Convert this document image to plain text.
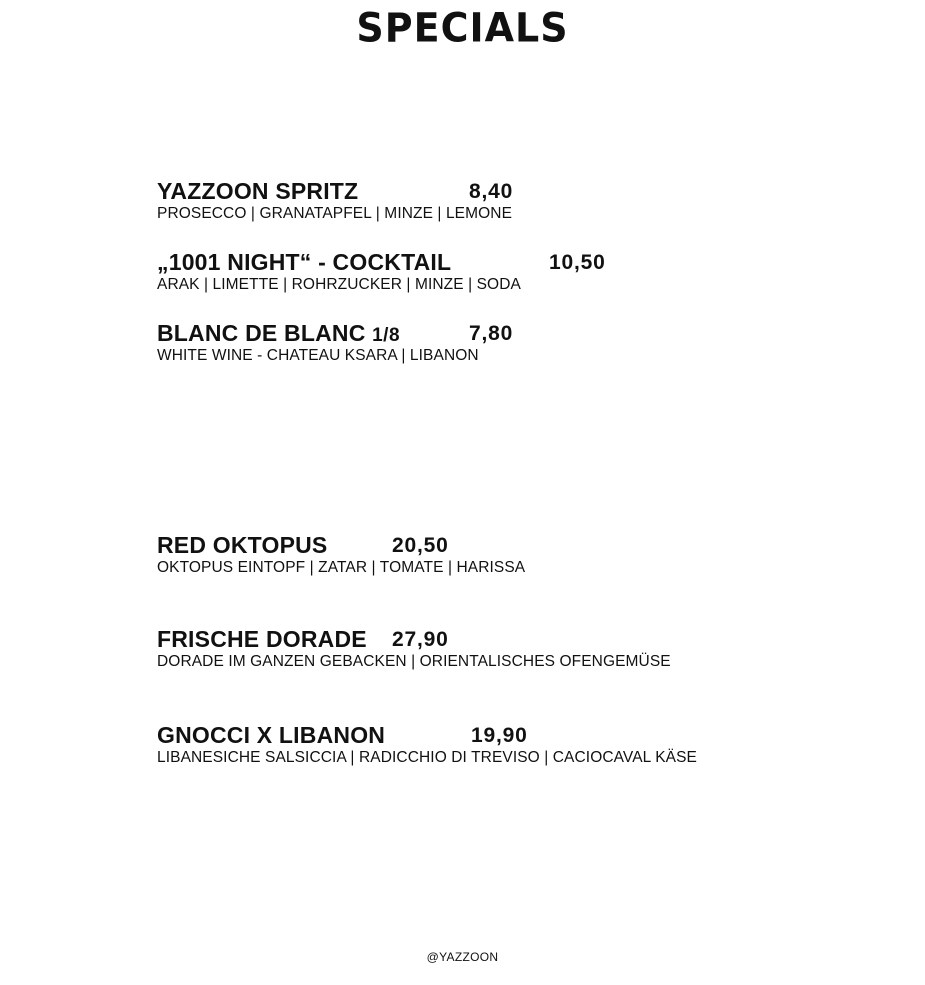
SPECIALS
YAZZOON SPRITZ	8,40
PROSECCO | GRANATAPFEL | MINZE | LEMONE
„1001 NIGHT“ - COCKTAIL	10,50
ARAK | LIMETTE | ROHRZUCKER | MINZE | SODA
BLANC DE BLANC 1/8	7,80
WHITE WINE - CHATEAU KSARA | LIBANON
RED OKTOPUS	20,50
OKTOPUS EINTOPF | ZATAR | TOMATE | HARISSA
FRISCHE DORADE 27,90
DORADE IM GANZEN GEBACKEN | ORIENTALISCHES OFENGEMÜSE
GNOCCI X LIBANON	19,90
LIBANESICHE SALSICCIA | RADICCHIO DI TREVISO | CACIOCAVAL KÄSE
@YAZZOON
